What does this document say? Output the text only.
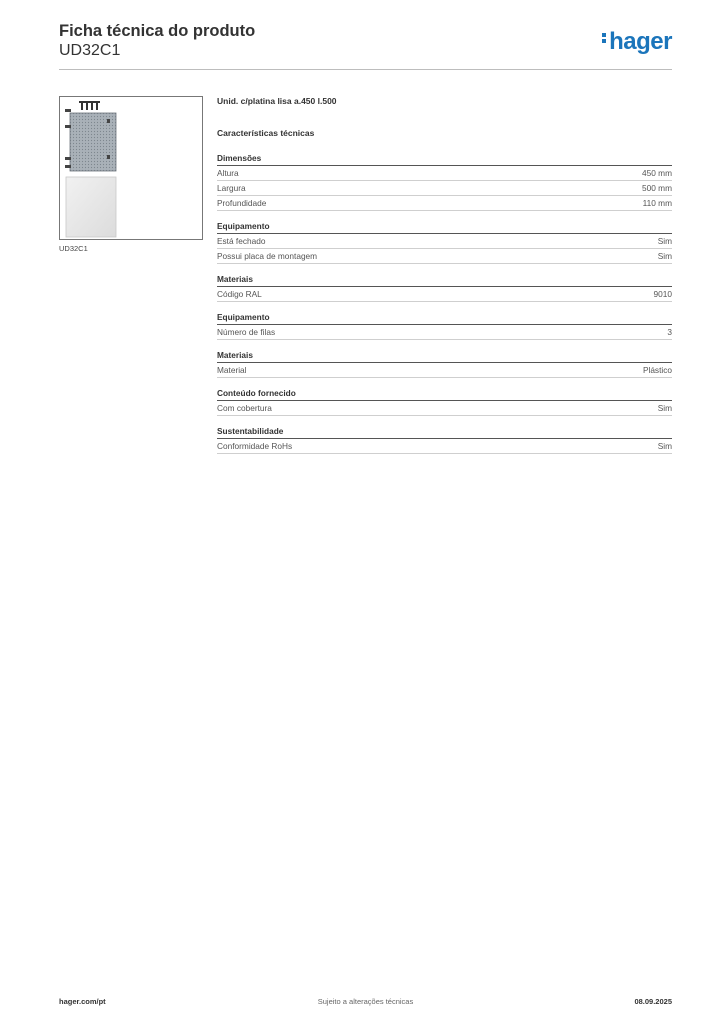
Ficha técnica do produto
UD32C1	hager
UD32C1
Unid. c/platina lisa a.450 l.500
Características técnicas
Dimensões
Altura	450 mm
Largura	500 mm
Profundidade	110 mm
Equipamento
Está fechado	Sim
Possui placa de montagem	Sim
Materiais
Código RAL	9010
Equipamento
Número de filas	3
Materiais
Material	Plástico
Conteúdo fornecido
Com cobertura	Sim
Sustentabilidade
Conformidade RoHs	Sim
Sujeito a alterações técnicas
hager.com/pt	08.09.2025
